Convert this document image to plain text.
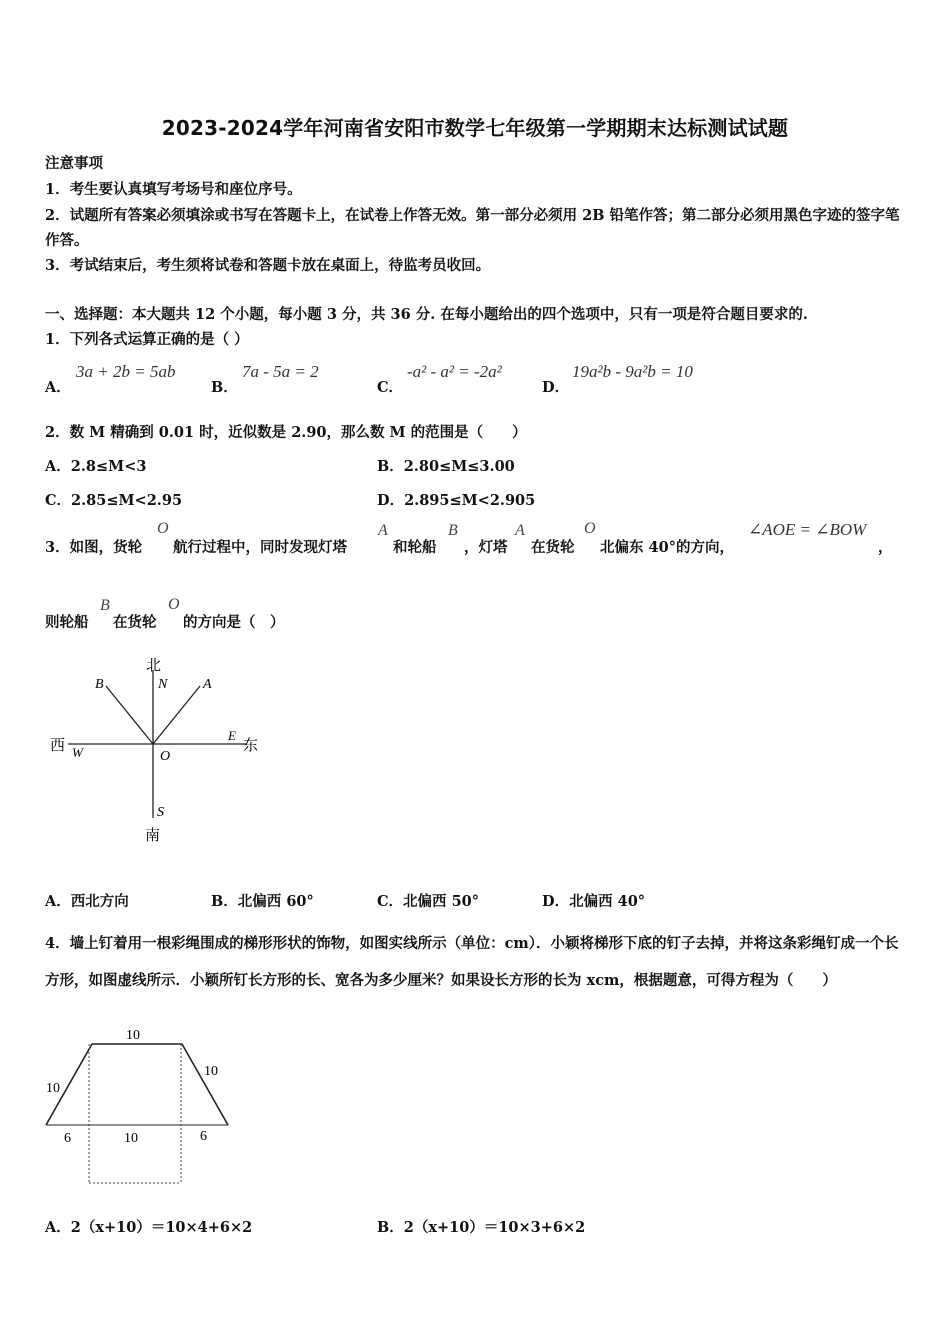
2023-2024学年河南省安阳市数学七年级第一学期期末达标测试试题
注意事项
1．考生要认真填写考场号和座位序号。
2．试题所有答案必须填涂或书写在答题卡上，在试卷上作答无效。第一部分必须用 2B 铅笔作答；第二部分必须用黑色字迹的签字笔作答。
3．考试结束后，考生须将试卷和答题卡放在桌面上，待监考员收回。
一、选择题：本大题共 12 个小题，每小题 3 分，共 36 分. 在每小题给出的四个选项中，只有一项是符合题目要求的.
1．下列各式运算正确的是（ ）
A．
3a + 2b = 5ab
B．
7a - 5a = 2
C．
-a² - a² = -2a²
D．
19a²b - 9a²b = 10
2．数 M 精确到 0.01 时，近似数是 2.90，那么数 M 的范围是（　　）
A．2.8≤M<3	B．2.80≤M≤3.00
C．2.85≤M<2.95	D．2.895≤M<2.905
3．如图，货轮
O
航行过程中，同时发现灯塔
A
和轮船
B
，灯塔
A
在货轮
O
北偏东 40°的方向，
∠AOE = ∠BOW
，
则轮船
B
在货轮
O
的方向是（　）
北
N
B	A
西 W	O
E
东
S
南
A．西北方向	B．北偏西 60°	C．北偏西 50°	D．北偏西 40°
4．墙上钉着用一根彩绳围成的梯形形状的饰物，如图实线所示（单位：cm）．小颖将梯形下底的钉子去掉，并将这条彩绳钉成一个长方形，如图虚线所示．小颖所钉长方形的长、宽各为多少厘米？如果设长方形的长为 xcm，根据题意，可得方程为（　　）
10
10
10
6	10	6
A．2（x+10）＝10×4+6×2	B．2（x+10）＝10×3+6×2
